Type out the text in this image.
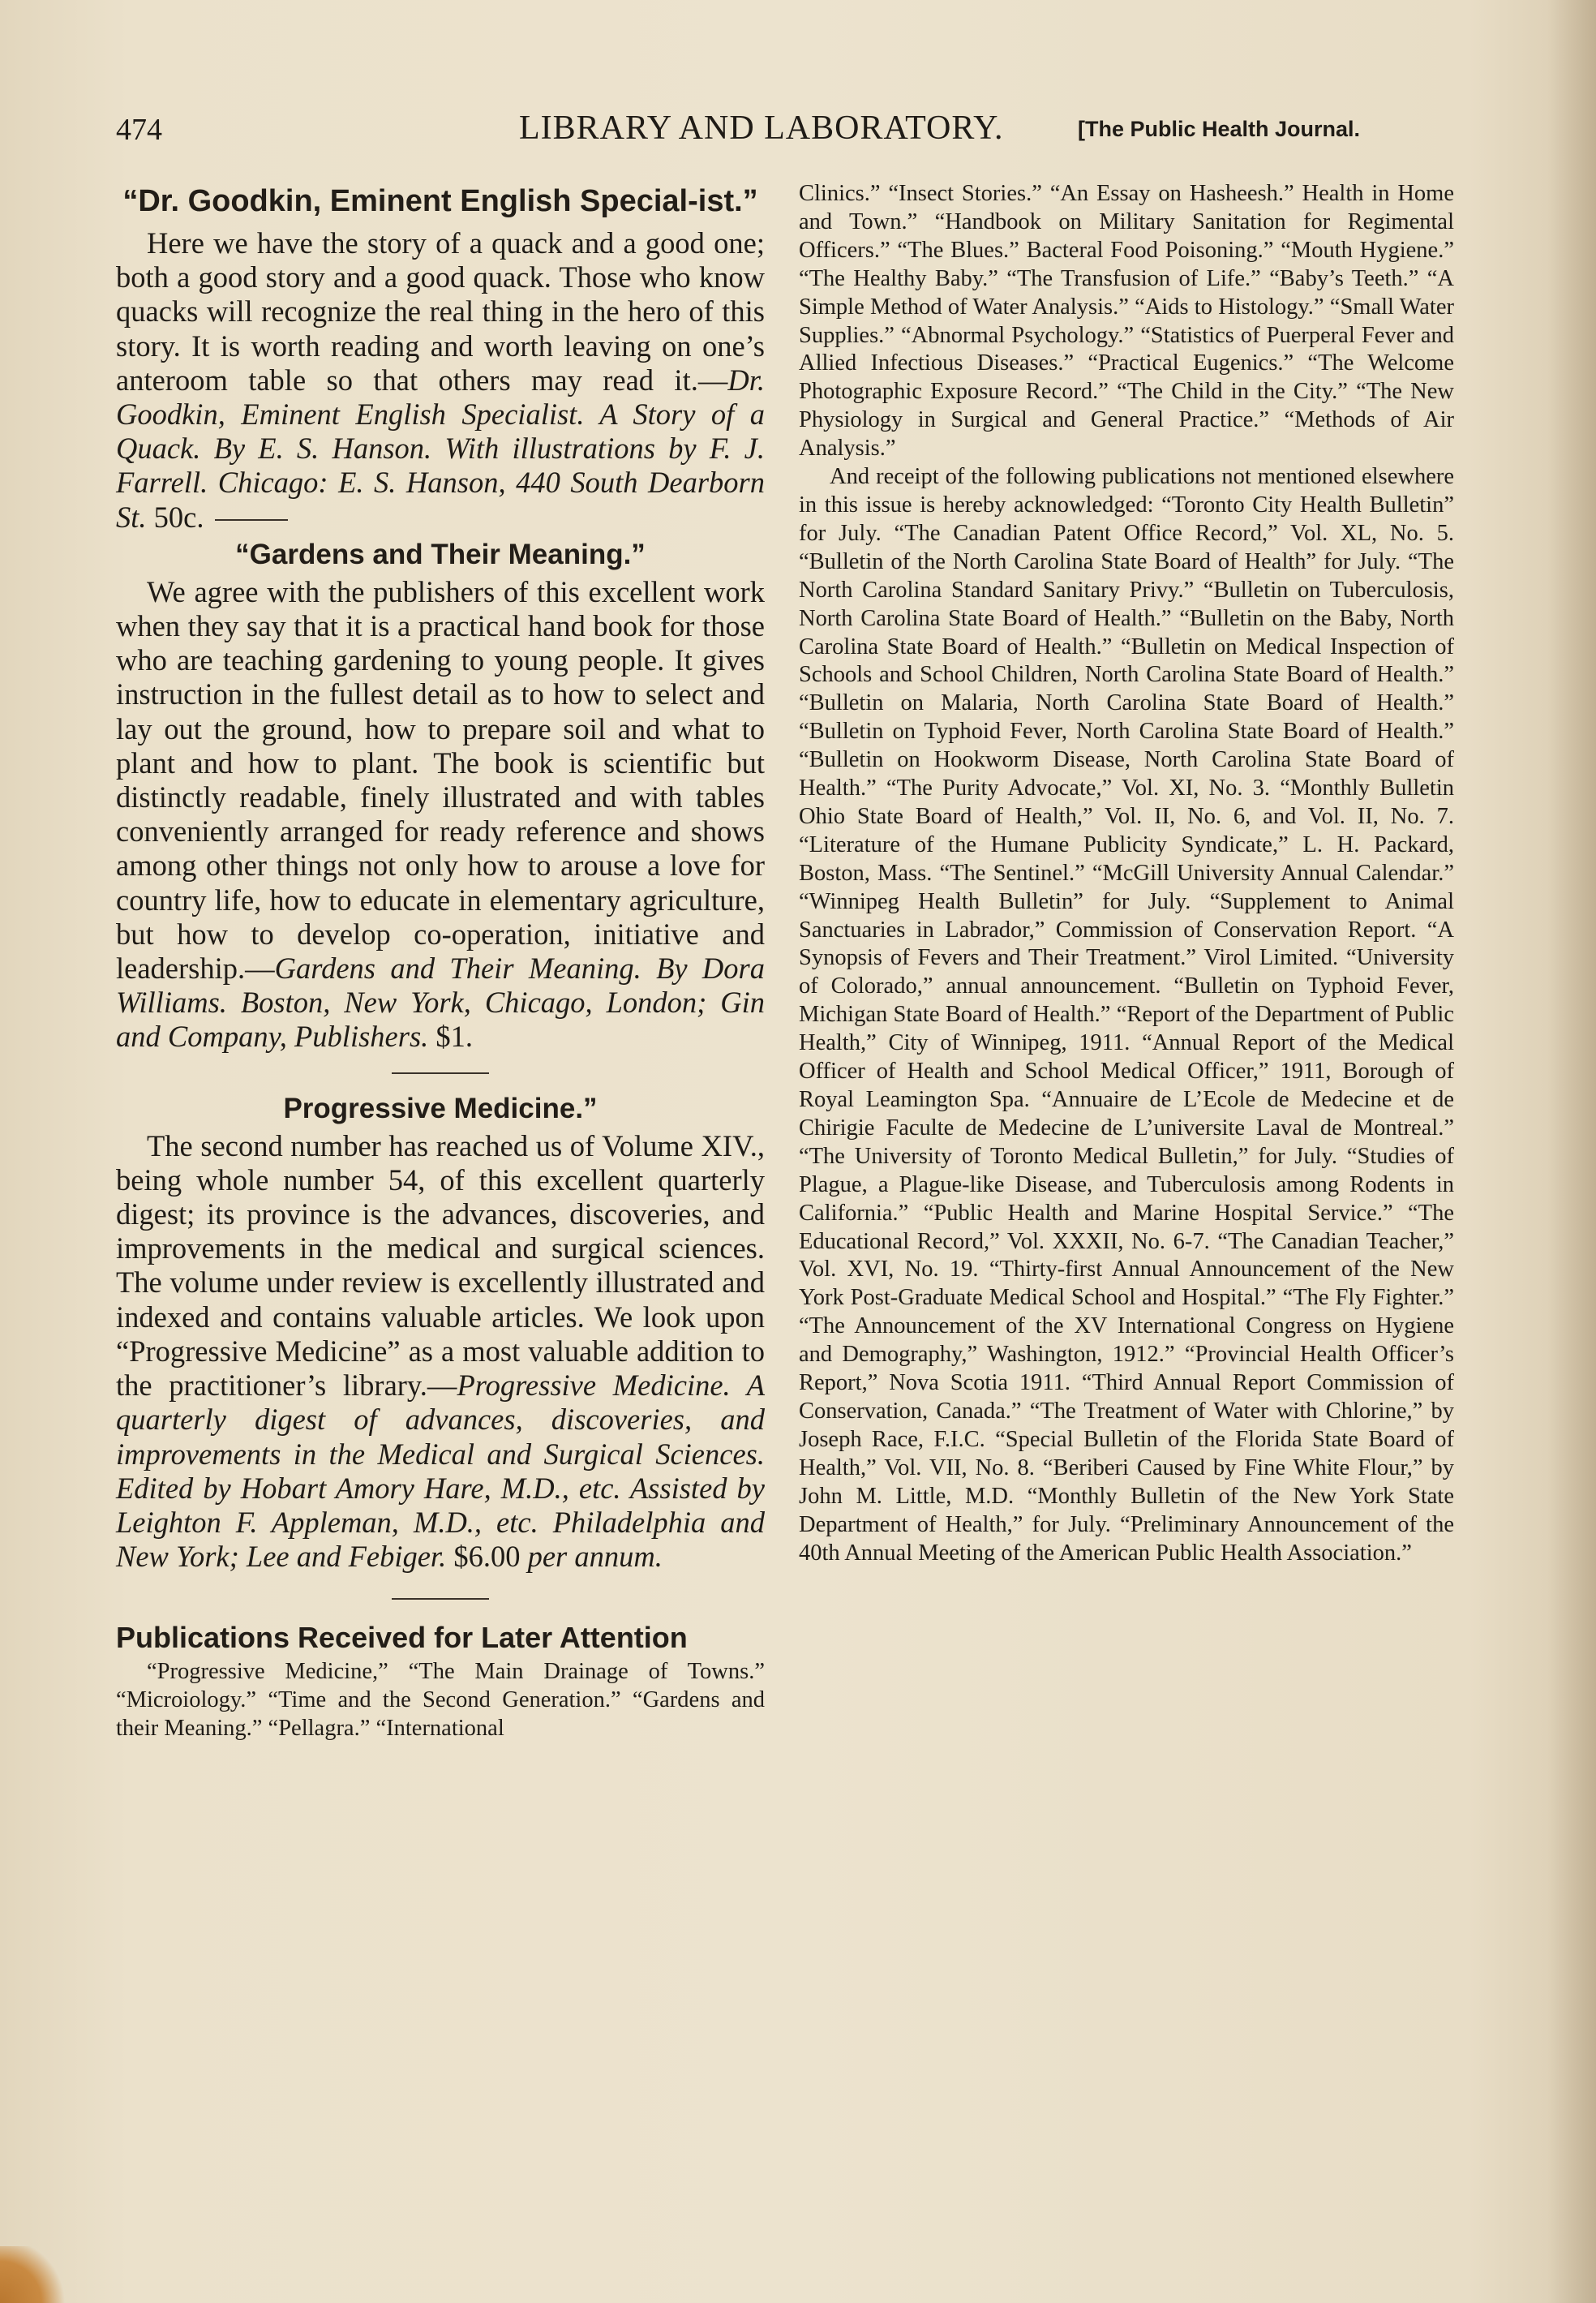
474	LIBRARY AND LABORATORY.	[The Public Health Journal.
“Dr. Goodkin, Eminent English Special-ist.”

Here we have the story of a quack and a good one; both a good story and a good quack. Those who know quacks will recognize the real thing in the hero of this story. It is worth reading and worth leaving on one’s anteroom table so that others may read it.—Dr. Goodkin, Eminent English Specialist. A Story of a Quack. By E. S. Hanson. With illustrations by F. J. Farrell. Chicago: E. S. Hanson, 440 South Dearborn St. 50c.

“Gardens and Their Meaning.”

We agree with the publishers of this excellent work when they say that it is a practical hand book for those who are teaching gardening to young people. It gives instruction in the fullest detail as to how to select and lay out the ground, how to prepare soil and what to plant and how to plant. The book is scientific but distinctly readable, finely illustrated and with tables conveniently arranged for ready reference and shows among other things not only how to arouse a love for country life, how to educate in elementary agriculture, but how to develop co-operation, initiative and leadership.—Gardens and Their Meaning. By Dora Williams. Boston, New York, Chicago, London; Gin and Company, Publishers. $1.

Progressive Medicine.”

The second number has reached us of Volume XIV., being whole number 54, of this excellent quarterly digest; its province is the advances, discoveries, and improvements in the medical and surgical sciences. The volume under review is excellently illustrated and indexed and contains valuable articles. We look upon “Progressive Medicine” as a most valuable addition to the practitioner’s library.—Progressive Medicine. A quarterly digest of advances, discoveries, and improvements in the Medical and Surgical Sciences. Edited by Hobart Amory Hare, M.D., etc. Assisted by Leighton F. Appleman, M.D., etc. Philadelphia and New York; Lee and Febiger. $6.00 per annum.

Publications Received for Later Attention

“Progressive Medicine,” “The Main Drainage of Towns.” “Microiology.” “Time and the Second Generation.” “Gardens and their Meaning.” “Pellagra.” “International

Clinics.” “Insect Stories.” “An Essay on Hasheesh.” Health in Home and Town.” “Handbook on Military Sanitation for Regimental Officers.” “The Blues.” Bacteral Food Poisoning.” “Mouth Hygiene.” “The Healthy Baby.” “The Transfusion of Life.” “Baby’s Teeth.” “A Simple Method of Water Analysis.” “Aids to Histology.” “Small Water Supplies.” “Abnormal Psychology.” “Statistics of Puerperal Fever and Allied Infectious Diseases.” “Practical Eugenics.” “The Welcome Photographic Exposure Record.” “The Child in the City.” “The New Physiology in Surgical and General Practice.” “Methods of Air Analysis.”

And receipt of the following publications not mentioned elsewhere in this issue is hereby acknowledged: “Toronto City Health Bulletin” for July. “The Canadian Patent Office Record,” Vol. XL, No. 5. “Bulletin of the North Carolina State Board of Health” for July. “The North Carolina Standard Sanitary Privy.” “Bulletin on Tuberculosis, North Carolina State Board of Health.” “Bulletin on the Baby, North Carolina State Board of Health.” “Bulletin on Medical Inspection of Schools and School Children, North Carolina State Board of Health.” “Bulletin on Malaria, North Carolina State Board of Health.” “Bulletin on Typhoid Fever, North Carolina State Board of Health.” “Bulletin on Hookworm Disease, North Carolina State Board of Health.” “The Purity Advocate,” Vol. XI, No. 3. “Monthly Bulletin Ohio State Board of Health,” Vol. II, No. 6, and Vol. II, No. 7. “Literature of the Humane Publicity Syndicate,” L. H. Packard, Boston, Mass. “The Sentinel.” “McGill University Annual Calendar.” “Winnipeg Health Bulletin” for July. “Supplement to Animal Sanctuaries in Labrador,” Commission of Conservation Report. “A Synopsis of Fevers and Their Treatment.” Virol Limited. “University of Colorado,” annual announcement. “Bulletin on Typhoid Fever, Michigan State Board of Health.” “Report of the Department of Public Health,” City of Winnipeg, 1911. “Annual Report of the Medical Officer of Health and School Medical Officer,” 1911, Borough of Royal Leamington Spa. “Annuaire de L’Ecole de Medecine et de Chirigie Faculte de Medecine de L’universite Laval de Montreal.” “The University of Toronto Medical Bulletin,” for July. “Studies of Plague, a Plague-like Disease, and Tuberculosis among Rodents in California.” “Public Health and Marine Hospital Service.” “The Educational Record,” Vol. XXXII, No. 6-7. “The Canadian Teacher,” Vol. XVI, No. 19. “Thirty-first Annual Announcement of the New York Post-Graduate Medical School and Hospital.” “The Fly Fighter.” “The Announcement of the XV International Congress on Hygiene and Demography,” Washington, 1912.” “Provincial Health Officer’s Report,” Nova Scotia 1911. “Third Annual Report Commission of Conservation, Canada.” “The Treatment of Water with Chlorine,” by Joseph Race, F.I.C. “Special Bulletin of the Florida State Board of Health,” Vol. VII, No. 8. “Beriberi Caused by Fine White Flour,” by John M. Little, M.D. “Monthly Bulletin of the New York State Department of Health,” for July. “Preliminary Announcement of the 40th Annual Meeting of the American Public Health Association.”
